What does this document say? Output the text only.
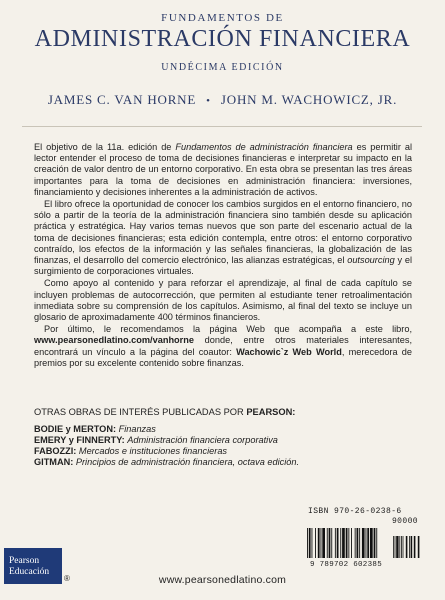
FUNDAMENTOS DE
ADMINISTRACIÓN FINANCIERA
UNDÉCIMA EDICIÓN
JAMES C. VAN HORNE • JOHN M. WACHOWICZ, JR.

El objetivo de la 11a. edición de Fundamentos de administración financiera es permitir al lector entender el proceso de toma de decisiones financieras e interpretar su impacto en la creación de valor dentro de un entorno corporativo. En esta obra se presentan las tres áreas importantes para la toma de decisiones en administración financiera: inversiones, financiamiento y decisiones inherentes a la administración de activos.

El libro ofrece la oportunidad de conocer los cambios surgidos en el entorno financiero, no sólo a partir de la teoría de la administración financiera sino también desde su aplicación práctica y estratégica. Hay varios temas nuevos que son parte del escenario actual de la toma de decisiones financieras; esta edición contempla, entre otros: el entorno corporativo contraído, los efectos de la información y las señales financieras, la globalización de las finanzas, el desarrollo del comercio electrónico, las alianzas estratégicas, el outsourcing y el surgimiento de corporaciones virtuales.

Como apoyo al contenido y para reforzar el aprendizaje, al final de cada capítulo se incluyen problemas de autocorrección, que permiten al estudiante tener retroalimentación inmediata sobre su comprensión de los capítulos. Asimismo, al final del texto se incluye un glosario de aproximadamente 400 términos financieros.

Por último, le recomendamos la página Web que acompaña a este libro, www.pearsonedlatino.com/vanhorne donde, entre otros materiales interesantes, encontrará un vínculo a la página del coautor: Wachowic`z Web World, merecedora de premios por su excelente contenido sobre finanzas.

OTRAS OBRAS DE INTERÉS PUBLICADAS POR PEARSON:
BODIE y MERTON: Finanzas
EMERY y FINNERTY: Administración financiera corporativa
FABOZZI: Mercados e instituciones financieras
GITMAN: Principios de administración financiera, octava edición.
ISBN 970-26-0238-6
90000
9 789702 602385
Pearson
Educación
®	www.pearsonedlatino.com
